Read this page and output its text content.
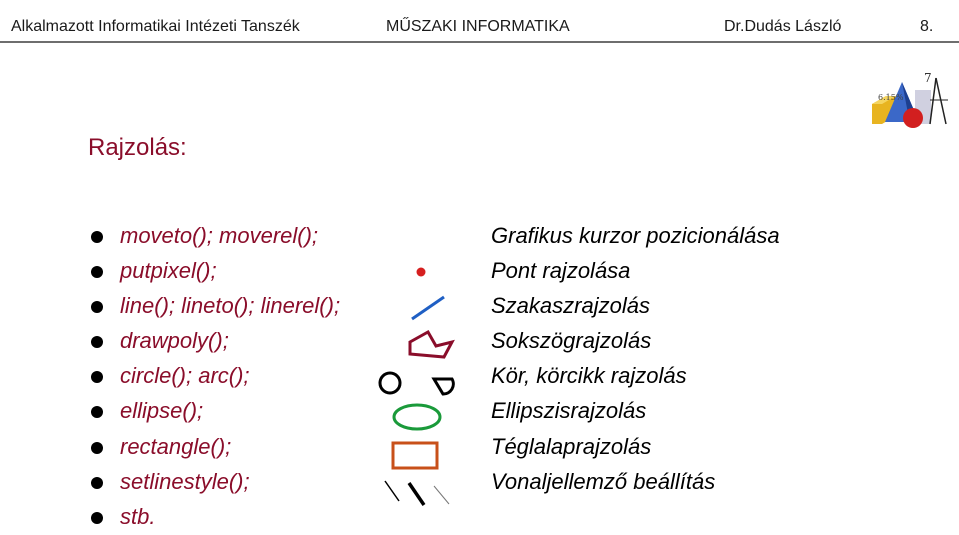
Alkalmazott Informatikai Intézeti Tanszék	MŰSZAKI INFORMATIKA	Dr.Dudás László	8.
6.15%
7
Rajzolás:
moveto(); moverel();	Grafikus kurzor pozicionálása
putpixel();	Pont rajzolása
line(); lineto(); linerel();	Szakaszrajzolás
drawpoly();	Sokszögrajzolás
circle(); arc();	Kör, körcikk rajzolás
ellipse();	Ellipszisrajzolás
rectangle();	Téglalaprajzolás
setlinestyle();	Vonaljellemző beállítás
stb.
